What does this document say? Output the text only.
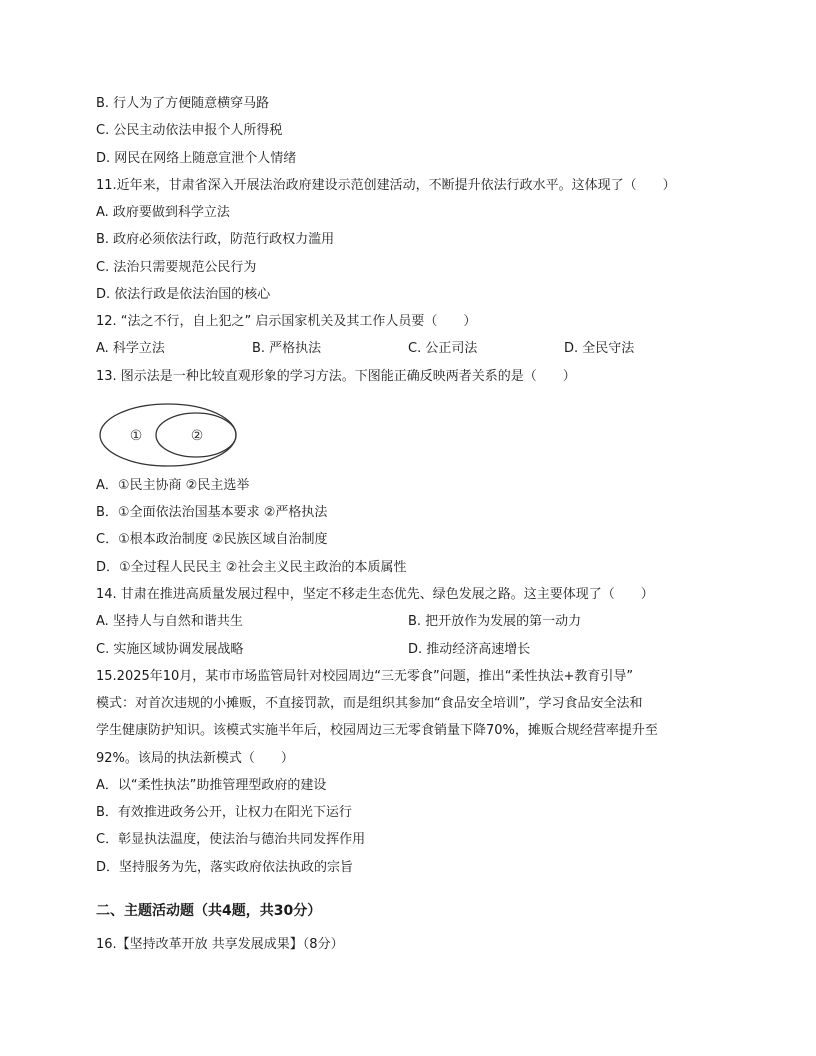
B. 行人为了方便随意横穿马路
C. 公民主动依法申报个人所得税
D. 网民在网络上随意宣泄个人情绪
11.近年来，甘肃省深入开展法治政府建设示范创建活动，不断提升依法行政水平。这体现了（　　）
A. 政府要做到科学立法
B. 政府必须依法行政，防范行政权力滥用
C. 法治只需要规范公民行为
D. 依法行政是依法治国的核心
12. “法之不行，自上犯之” 启示国家机关及其工作人员要（　　）
A. 科学立法	B. 严格执法	C. 公正司法	D. 全民守法
13. 图示法是一种比较直观形象的学习方法。下图能正确反映两者关系的是（　　）
①	②
A．①民主协商 ②民主选举
B．①全面依法治国基本要求 ②严格执法
C．①根本政治制度 ②民族区域自治制度
D．①全过程人民民主 ②社会主义民主政治的本质属性
14. 甘肃在推进高质量发展过程中，坚定不移走生态优先、绿色发展之路。这主要体现了（　　）
A. 坚持人与自然和谐共生	B. 把开放作为发展的第一动力
C. 实施区域协调发展战略	D. 推动经济高速增长
15.2025年10月，某市市场监管局针对校园周边“三无零食”问题，推出“柔性执法+教育引导”
模式：对首次违规的小摊贩，不直接罚款，而是组织其参加“食品安全培训”，学习食品安全法和
学生健康防护知识。该模式实施半年后，校园周边三无零食销量下降70%，摊贩合规经营率提升至
92%。该局的执法新模式（　　）
A．以“柔性执法”助推管理型政府的建设
B．有效推进政务公开，让权力在阳光下运行
C．彰显执法温度，使法治与德治共同发挥作用
D．坚持服务为先，落实政府依法执政的宗旨
二、主题活动题（共4题，共30分）
16.【坚持改革开放 共享发展成果】（8分）
